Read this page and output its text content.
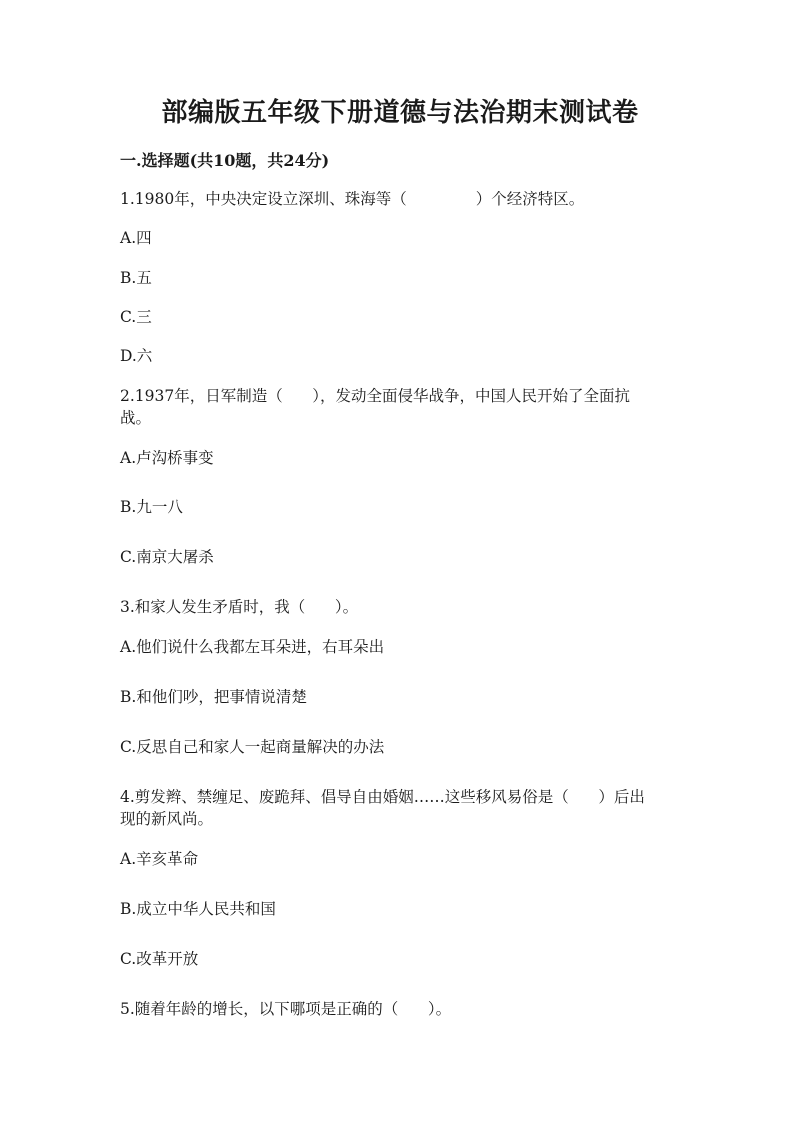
部编版五年级下册道德与法治期末测试卷
一.选择题(共10题，共24分)

1.1980年，中央决定设立深圳、珠海等（              ）个经济特区。

A.四

B.五

C.三

D.六

2.1937年，日军制造（      ），发动全面侵华战争，中国人民开始了全面抗

战。

A.卢沟桥事变

B.九一八

C.南京大屠杀

3.和家人发生矛盾时，我（      ）。

A.他们说什么我都左耳朵进，右耳朵出

B.和他们吵，把事情说清楚

C.反思自己和家人一起商量解决的办法

4.剪发辫、禁缠足、废跪拜、倡导自由婚姻……这些移风易俗是（      ）后出

现的新风尚。

A.辛亥革命

B.成立中华人民共和国

C.改革开放

5.随着年龄的增长，以下哪项是正确的（      ）。
